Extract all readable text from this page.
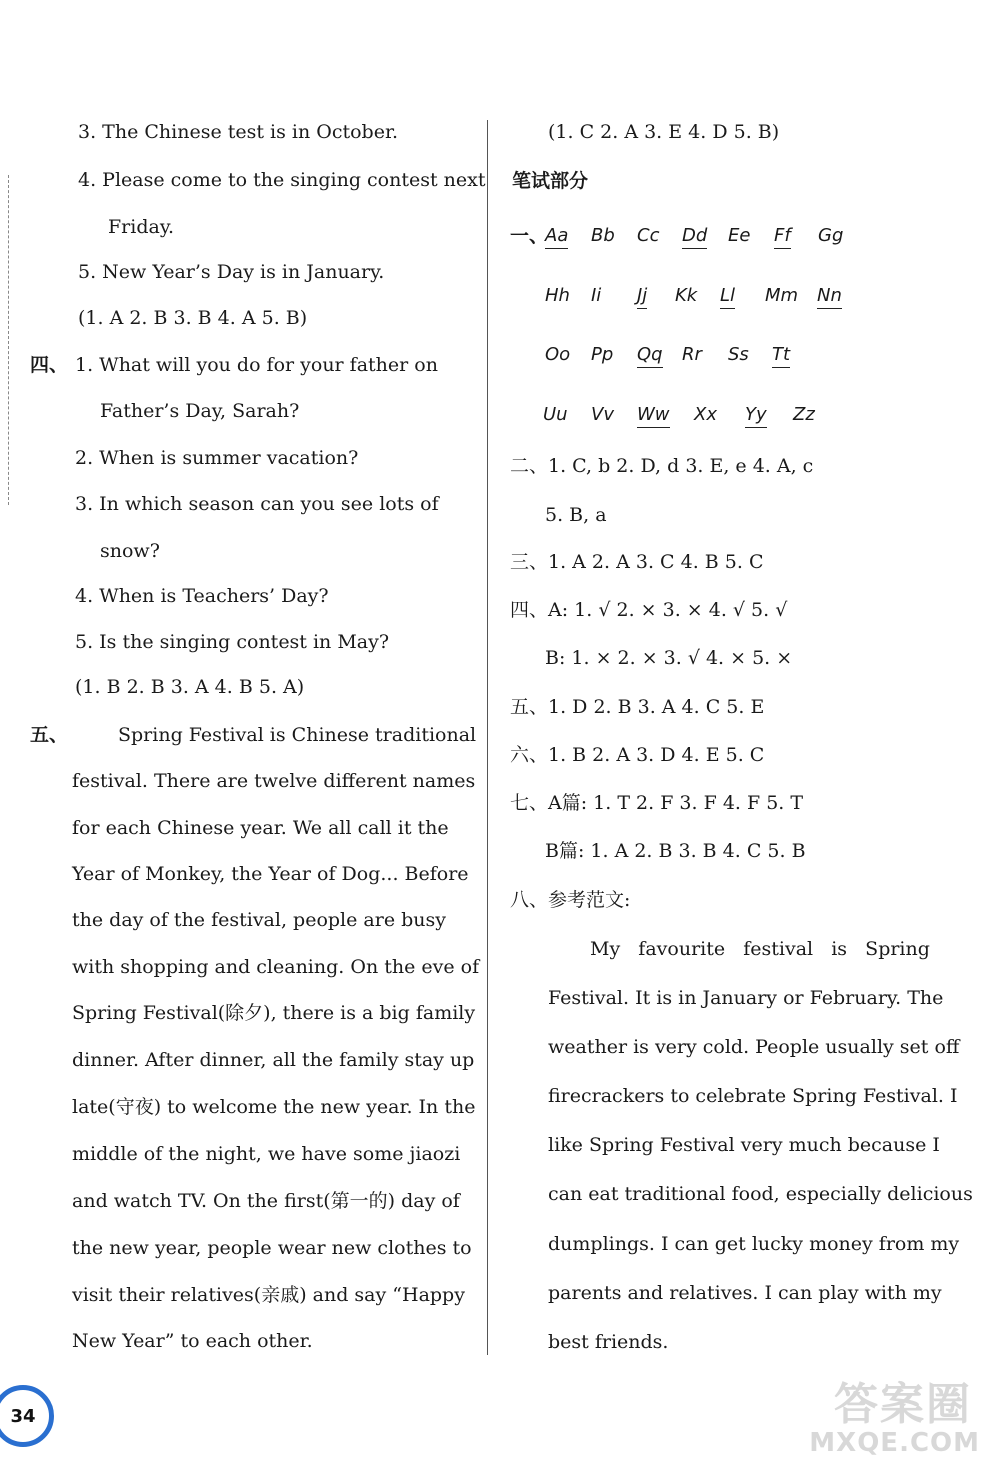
3. The Chinese test is in October.
4. Please come to the singing contest next
Friday.
5. New Year’s Day is in January.
(1. A 2. B 3. B 4. A 5. B)
四、 1. What will you do for your father on
Father’s Day, Sarah?
2. When is summer vacation?
3. In which season can you see lots of
snow?
4. When is Teachers’ Day?
5. Is the singing contest in May?
(1. B 2. B 3. A 4. B 5. A)
五、	Spring Festival is Chinese traditional
festival. There are twelve different names
for each Chinese year. We all call it the
Year of Monkey, the Year of Dog... Before
the day of the festival, people are busy
with shopping and cleaning. On the eve of
Spring Festival(除夕), there is a big family
dinner. After dinner, all the family stay up
late(守夜) to welcome the new year. In the
middle of the night, we have some jiaozi
and watch TV. On the first(第一的) day of
the new year, people wear new clothes to
visit their relatives(亲戚) and say “Happy
New Year” to each other.
(1. C 2. A 3. E 4. D 5. B)
笔试部分
一、
Aa Bb Cc Dd Ee Ff Gg
Hh Ii Jj Kk Ll Mm Nn
Oo Pp Qq Rr Ss Tt
Uu Vv Ww Xx Yy Zz
二、1. C, b 2. D, d 3. E, e 4. A, c
5. B, a
三、1. A 2. A 3. C 4. B 5. C
四、A: 1. √ 2. × 3. × 4. √ 5. √
B: 1. × 2. × 3. √ 4. × 5. ×
五、1. D 2. B 3. A 4. C 5. E
六、1. B 2. A 3. D 4. E 5. C
七、A篇: 1. T 2. F 3. F 4. F 5. T
B篇: 1. A 2. B 3. B 4. C 5. B
八、参考范文:
My   favourite   festival   is   Spring
Festival. It is in January or February. The
weather is very cold. People usually set off
firecrackers to celebrate Spring Festival. I
like Spring Festival very much because I
can eat traditional food, especially delicious
dumplings. I can get lucky money from my
parents and relatives. I can play with my
best friends.
34	答案圈
MXQE.COM
